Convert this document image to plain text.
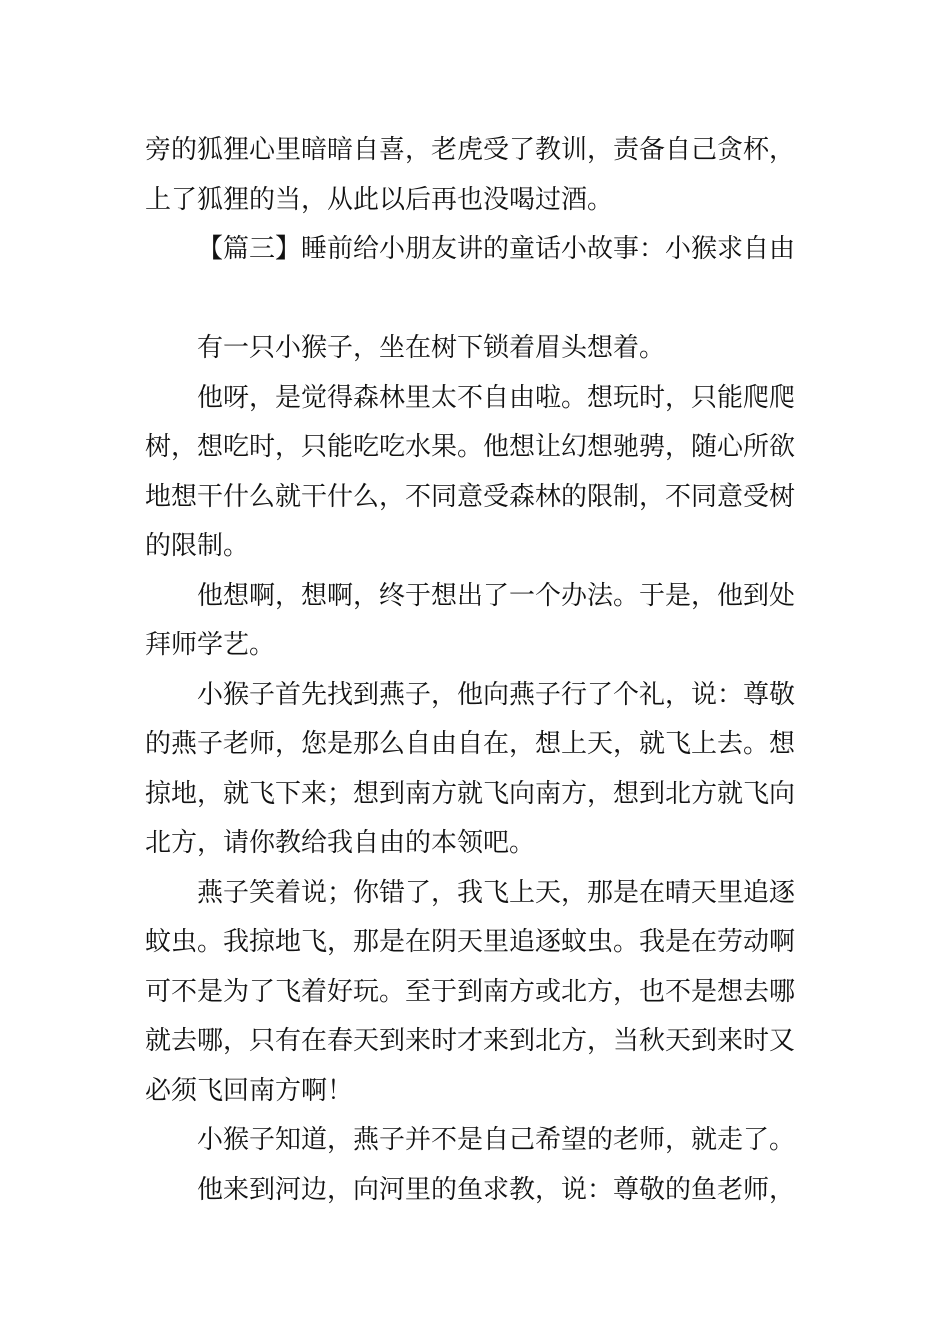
旁的狐狸心里暗暗自喜，老虎受了教训，责备自己贪杯，上了狐狸的当，从此以后再也没喝过酒。

【篇三】睡前给小朋友讲的童话小故事：小猴求自由

有一只小猴子，坐在树下锁着眉头想着。

他呀，是觉得森林里太不自由啦。想玩时，只能爬爬树，想吃时，只能吃吃水果。他想让幻想驰骋，随心所欲地想干什么就干什么，不同意受森林的限制，不同意受树的限制。

他想啊，想啊，终于想出了一个办法。于是，他到处拜师学艺。

小猴子首先找到燕子，他向燕子行了个礼，说：尊敬的燕子老师，您是那么自由自在，想上天，就飞上去。想掠地，就飞下来；想到南方就飞向南方，想到北方就飞向北方，请你教给我自由的本领吧。

燕子笑着说；你错了，我飞上天，那是在晴天里追逐蚊虫。我掠地飞，那是在阴天里追逐蚊虫。我是在劳动啊可不是为了飞着好玩。至于到南方或北方，也不是想去哪就去哪，只有在春天到来时才来到北方，当秋天到来时又必须飞回南方啊！

小猴子知道，燕子并不是自己希望的老师，就走了。

他来到河边，向河里的鱼求教，说：尊敬的鱼老师，
